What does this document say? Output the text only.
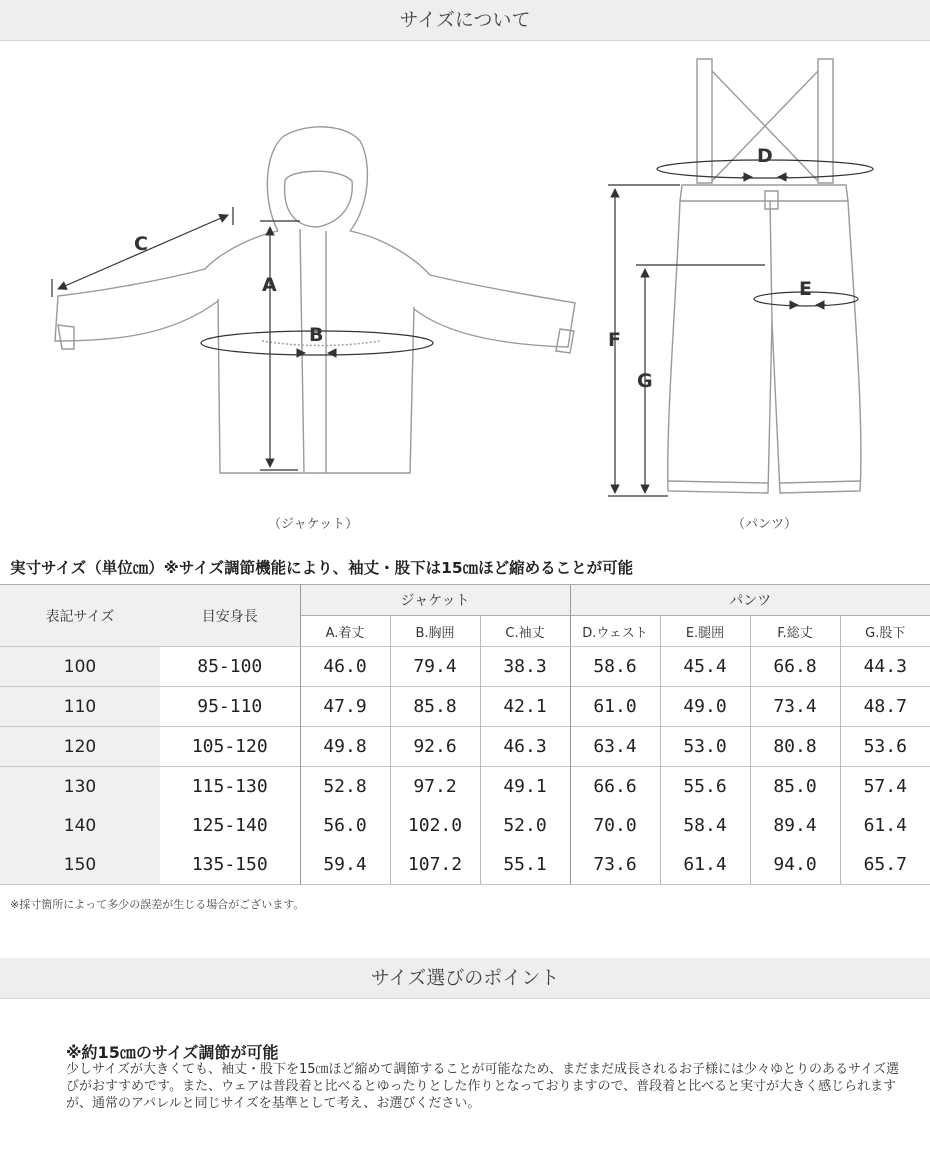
サイズについて
A
B
C
D
E
F
G
（ジャケット）	（パンツ）
実寸サイズ（単位㎝）※サイズ調節機能により、袖丈・股下は15㎝ほど縮めることが可能
表記サイズ	目安身長	ジャケット			パンツ			
		A.着丈	B.胸囲	C.袖丈	D.ウェスト	E.腿囲	F.総丈	G.股下
100	85-100	46.0	79.4	38.3	58.6	45.4	66.8	44.3
110	95-110	47.9	85.8	42.1	61.0	49.0	73.4	48.7
120	105-120	49.8	92.6	46.3	63.4	53.0	80.8	53.6
130	115-130	52.8	97.2	49.1	66.6	55.6	85.0	57.4
140	125-140	56.0	102.0	52.0	70.0	58.4	89.4	61.4
150	135-150	59.4	107.2	55.1	73.6	61.4	94.0	65.7
※採寸箇所によって多少の誤差が生じる場合がございます。
サイズ選びのポイント
※約15㎝のサイズ調節が可能
少しサイズが大きくても、袖丈・股下を15㎝ほど縮めて調節することが可能なため、まだまだ成長されるお子様には少々ゆとりのあるサイズ選びがおすすめです。また、ウェアは普段着と比べるとゆったりとした作りとなっておりますので、普段着と比べると実寸が大きく感じられますが、通常のアパレルと同じサイズを基準として考え、お選びください。
